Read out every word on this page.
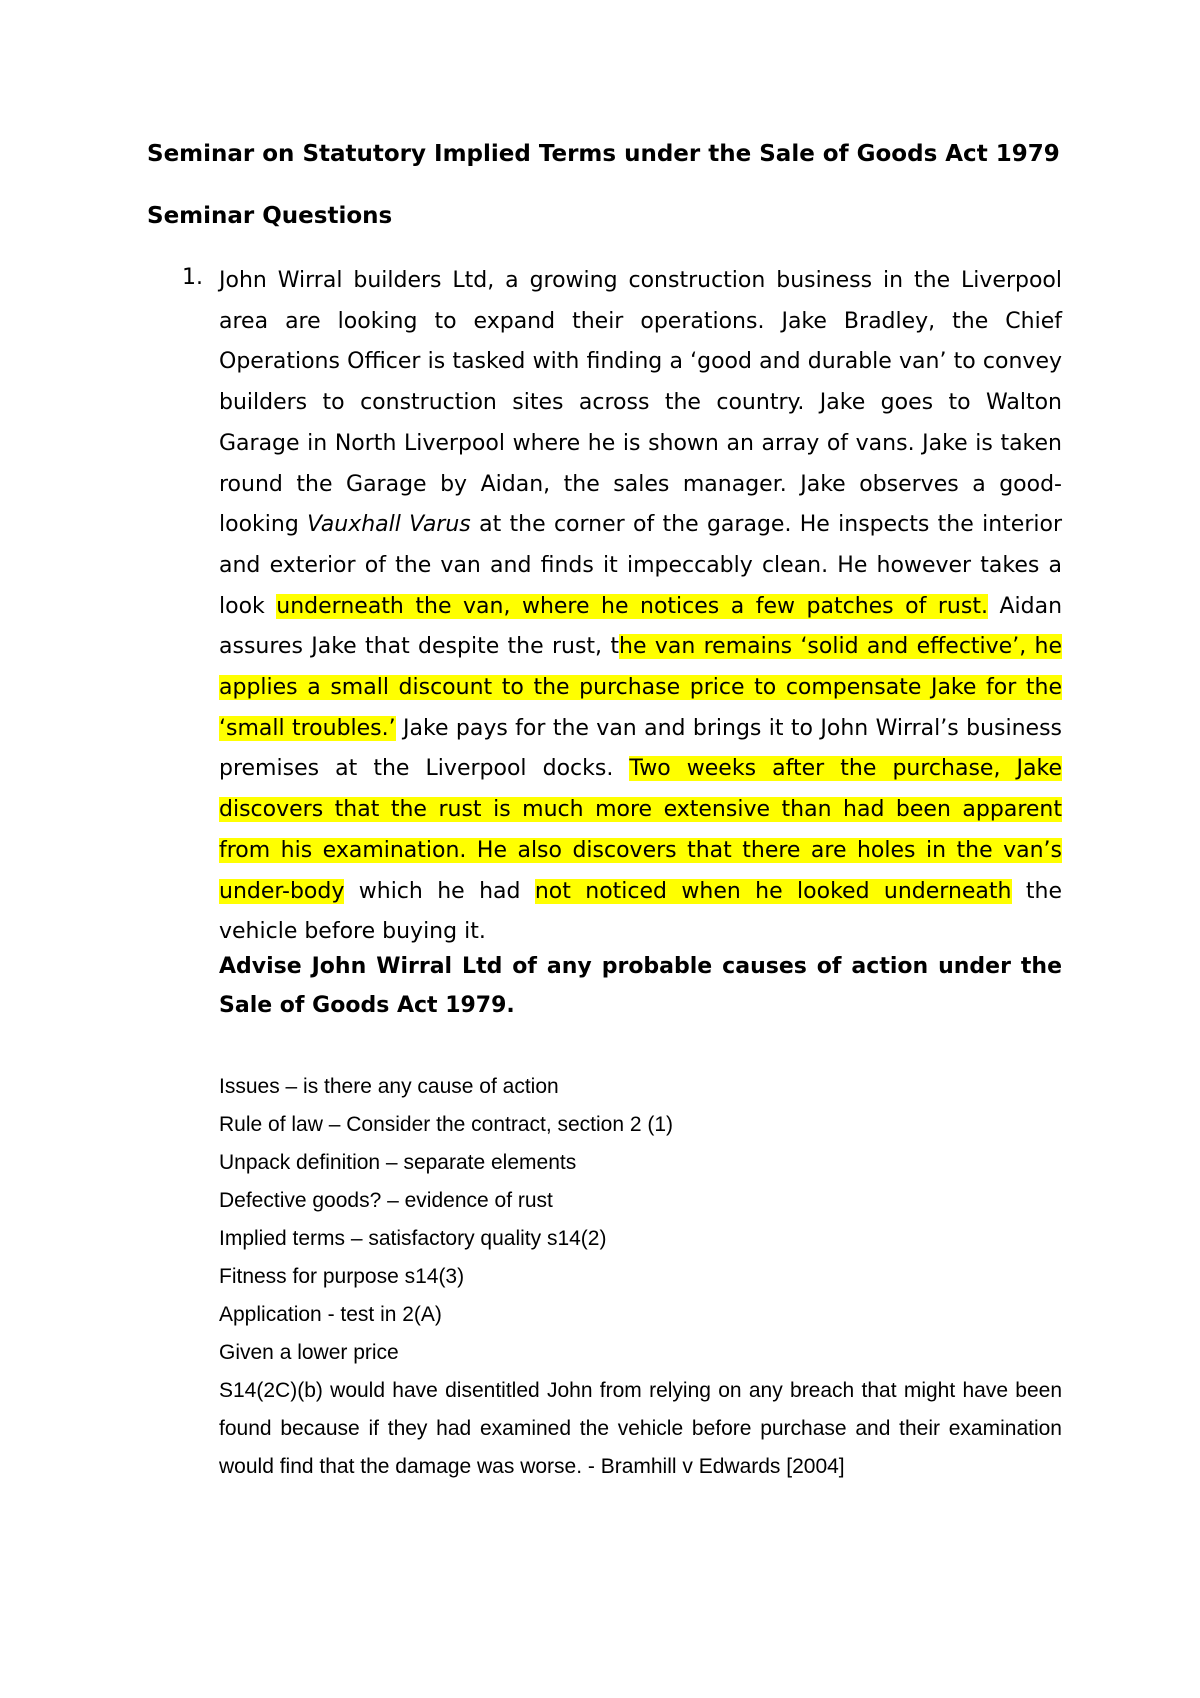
Seminar on Statutory Implied Terms under the Sale of Goods Act 1979
Seminar Questions
1. John Wirral builders Ltd, a growing construction business in the Liverpool area are looking to expand their operations. Jake Bradley, the Chief Operations Officer is tasked with finding a ‘good and durable van’ to convey builders to construction sites across the country. Jake goes to Walton Garage in North Liverpool where he is shown an array of vans. Jake is taken round the Garage by Aidan, the sales manager. Jake observes a good-looking Vauxhall Varus at the corner of the garage. He inspects the interior and exterior of the van and finds it impeccably clean. He however takes a look underneath the van, where he notices a few patches of rust. Aidan assures Jake that despite the rust, the van remains ‘solid and effective’, he applies a small discount to the purchase price to compensate Jake for the ‘small troubles.’ Jake pays for the van and brings it to John Wirral’s business premises at the Liverpool docks. Two weeks after the purchase, Jake discovers that the rust is much more extensive than had been apparent from his examination. He also discovers that there are holes in the van’s under-body which he had not noticed when he looked underneath the vehicle before buying it.

Advise John Wirral Ltd of any probable causes of action under the Sale of Goods Act 1979.

Issues – is there any cause of action
Rule of law – Consider the contract, section 2 (1)
Unpack definition – separate elements
Defective goods? – evidence of rust
Implied terms – satisfactory quality s14(2)
Fitness for purpose s14(3)
Application - test in 2(A)
Given a lower price
S14(2C)(b) would have disentitled John from relying on any breach that might have been found because if they had examined the vehicle before purchase and their examination would find that the damage was worse. - Bramhill v Edwards [2004]
